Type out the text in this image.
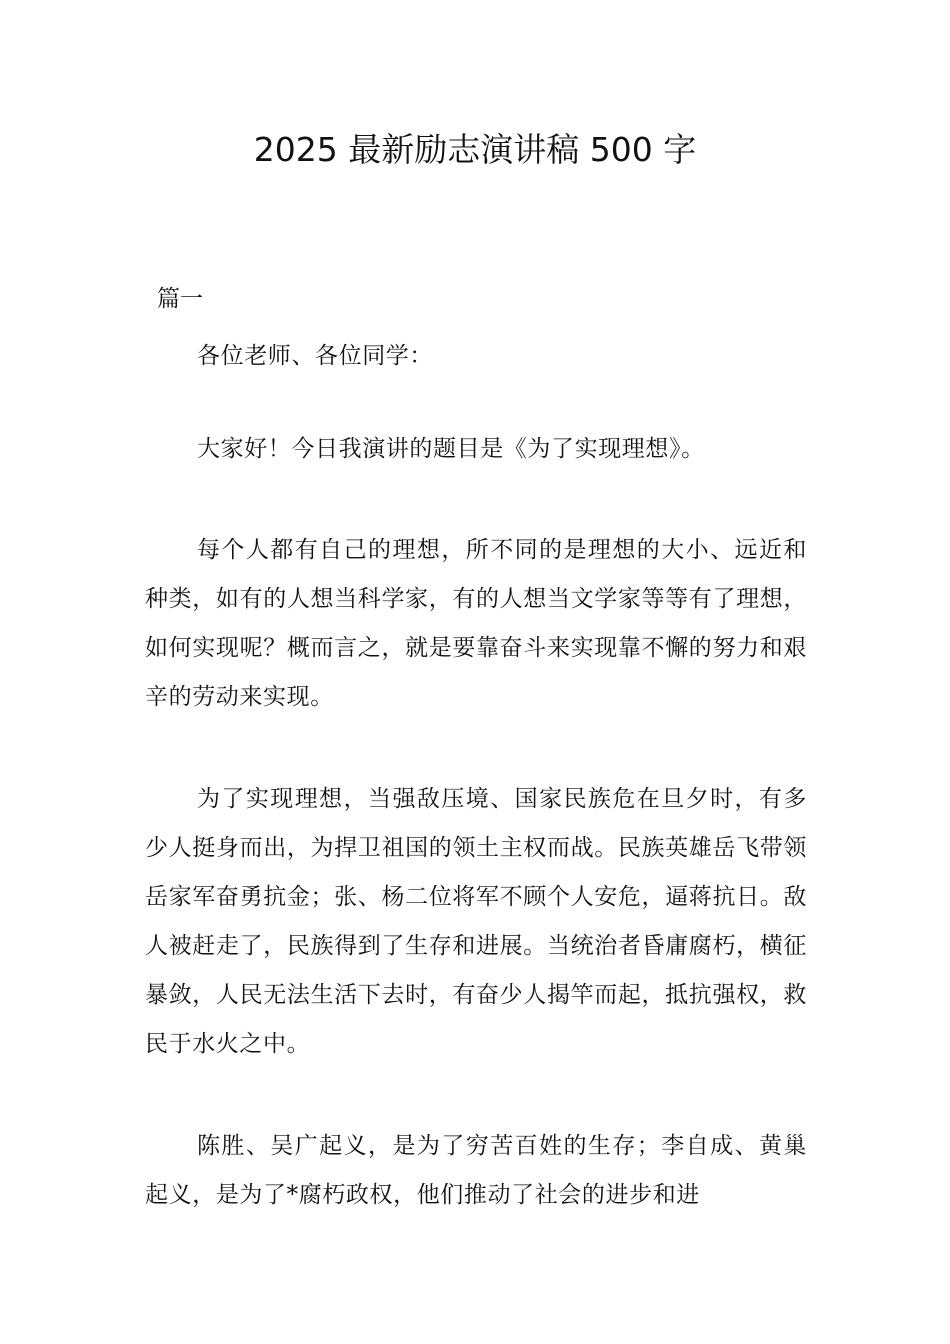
2025 最新励志演讲稿 500 字

篇一

各位老师、各位同学：

大家好！今日我演讲的题目是《为了实现理想》。

每个人都有自己的理想，所不同的是理想的大小、远近和种类，如有的人想当科学家，有的人想当文学家等等有了理想，如何实现呢？概而言之，就是要靠奋斗来实现靠不懈的努力和艰辛的劳动来实现。

为了实现理想，当强敌压境、国家民族危在旦夕时，有多少人挺身而出，为捍卫祖国的领土主权而战。民族英雄岳飞带领岳家军奋勇抗金；张、杨二位将军不顾个人安危，逼蒋抗日。敌人被赶走了，民族得到了生存和进展。当统治者昏庸腐朽，横征暴敛，人民无法生活下去时，有奋少人揭竿而起，抵抗强权，救民于水火之中。

陈胜、吴广起义，是为了穷苦百姓的生存；李自成、黄巢起义，是为了*腐朽政权，他们推动了社会的进步和进
